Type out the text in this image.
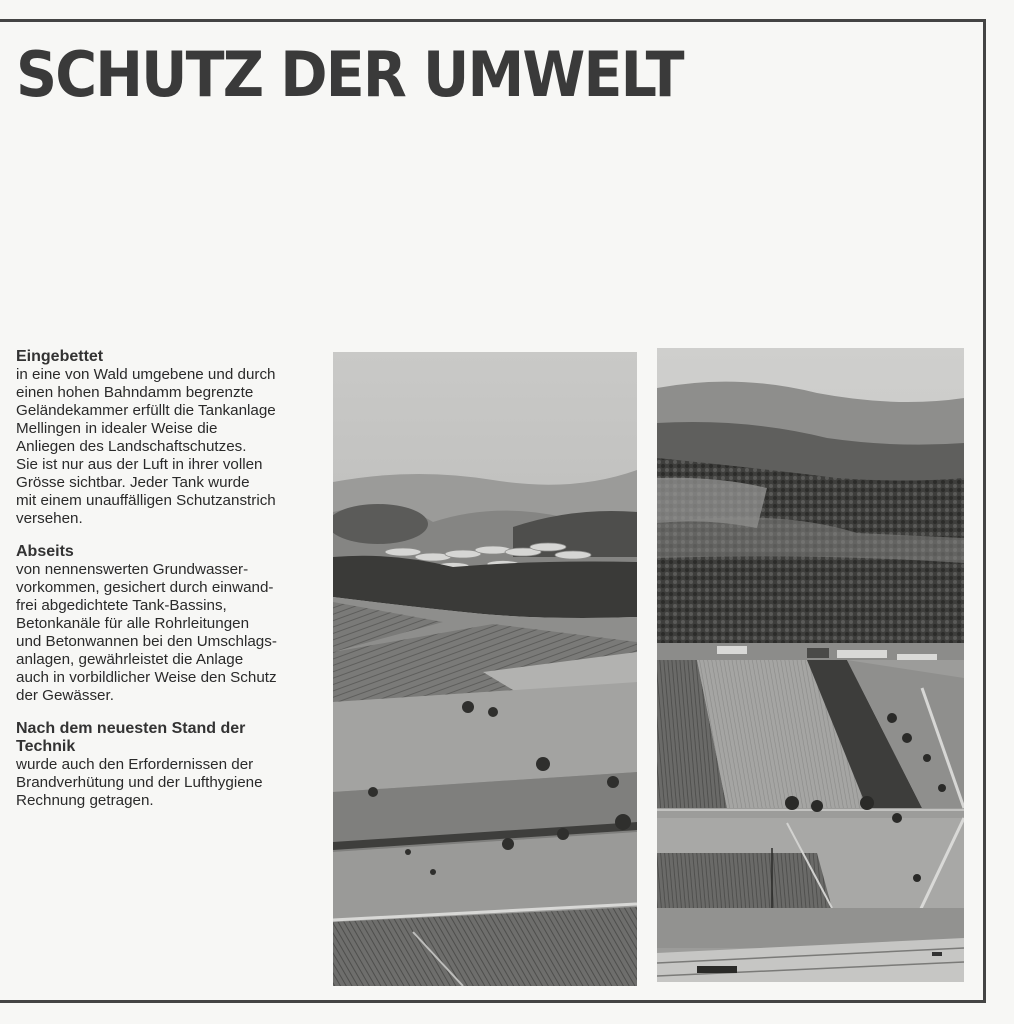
SCHUTZ DER UMWELT
Eingebettet

in eine von Wald umgebene und durch
einen hohen Bahndamm begrenzte
Geländekammer erfüllt die Tankanlage
Mellingen in idealer Weise die
Anliegen des Landschaftschutzes.
Sie ist nur aus der Luft in ihrer vollen
Grösse sichtbar. Jeder Tank wurde
mit einem unauffälligen Schutzanstrich
versehen.

Abseits

von nennenswerten Grundwasser-
vorkommen, gesichert durch einwand-
frei abgedichtete Tank-Bassins,
Betonkanäle für alle Rohrleitungen
und Betonwannen bei den Umschlags-
anlagen, gewährleistet die Anlage
auch in vorbildlicher Weise den Schutz
der Gewässer.

Nach dem neuesten Stand der
Technik

wurde auch den Erfordernissen der
Brandverhütung und der Lufthygiene
Rechnung getragen.
